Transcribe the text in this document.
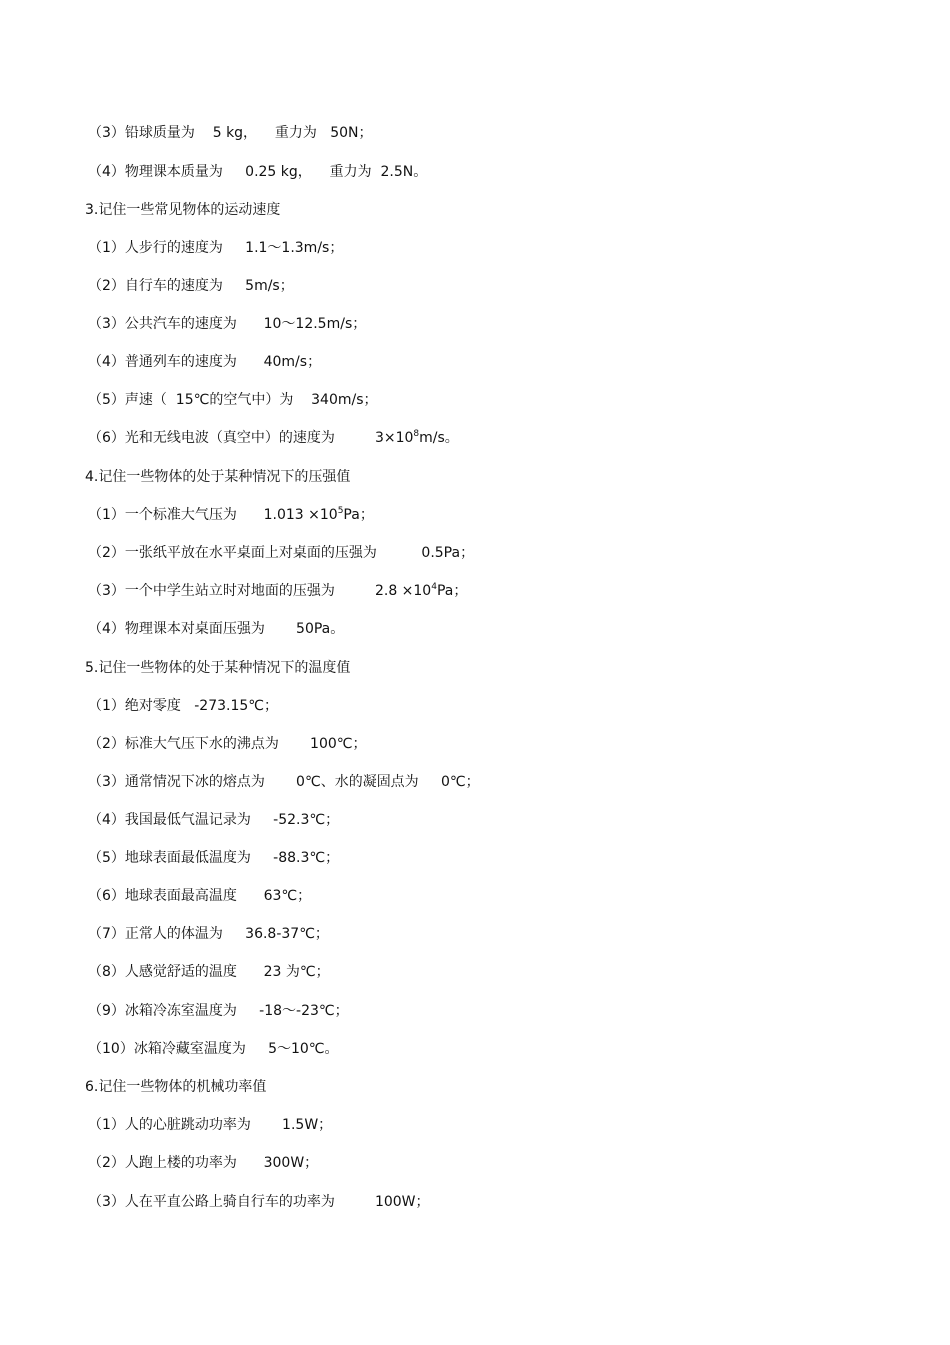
（3）铅球质量为    5 kg，    重力为   50N；
（4）物理课本质量为     0.25 kg，    重力为  2.5N。
3.记住一些常见物体的运动速度
（1）人步行的速度为     1.1～1.3m/s；
（2）自行车的速度为     5m/s；
（3）公共汽车的速度为      10～12.5m/s；
（4）普通列车的速度为      40m/s；
（5）声速（  15℃的空气中）为    340m/s；
（6）光和无线电波（真空中）的速度为         $3\times 10^8m/s$。
4.记住一些物体的处于某种情况下的压强值
（1）一个标准大气压为      $1.013 \times 10^5Pa$；
（2）一张纸平放在水平桌面上对桌面的压强为          0.5Pa；
（3）一个中学生站立时对地面的压强为         $2.8 \times 10^4Pa$；
（4）物理课本对桌面压强为       50Pa。
5.记住一些物体的处于某种情况下的温度值
（1）绝对零度   -273.15℃；
（2）标准大气压下水的沸点为       100℃；
（3）通常情况下冰的熔点为       0℃、水的凝固点为     0℃；
（4）我国最低气温记录为     -52.3℃；
（5）地球表面最低温度为     -88.3℃；
（6）地球表面最高温度      63℃；
（7）正常人的体温为     36.8-37℃；
（8）人感觉舒适的温度      23 为℃；
（9）冰箱冷冻室温度为     -18～-23℃；
（10）冰箱冷藏室温度为     5～10℃。
6.记住一些物体的机械功率值
（1）人的心脏跳动功率为       1.5W；
（2）人跑上楼的功率为      300W；
（3）人在平直公路上骑自行车的功率为         100W；
